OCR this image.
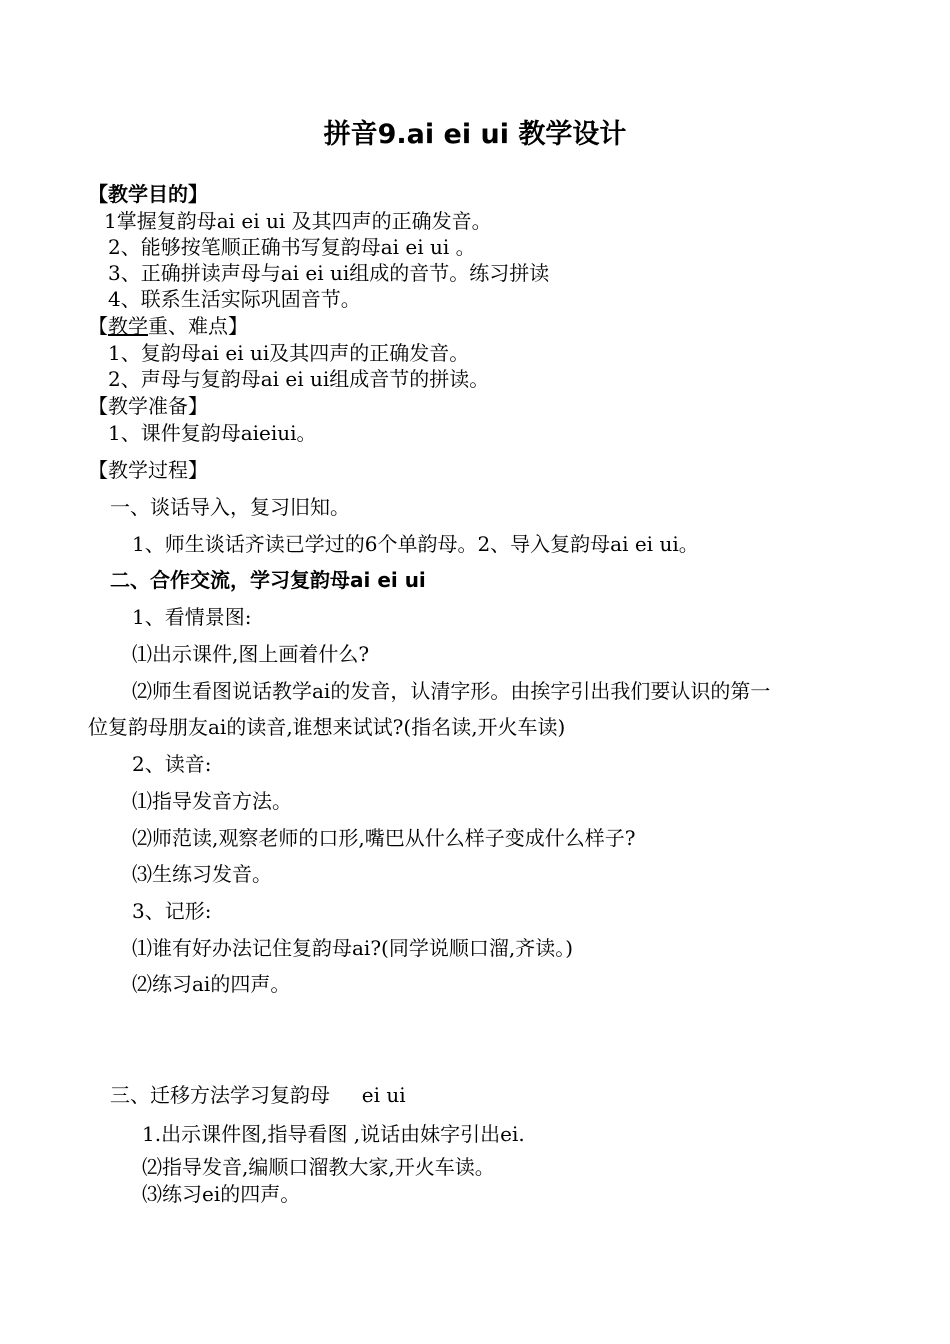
拼音9.ai ei ui 教学设计
【教学目的】
1掌握复韵母ai ei ui 及其四声的正确发音。
2、能够按笔顺正确书写复韵母ai ei ui 。
3、正确拼读声母与ai ei ui组成的音节。练习拼读
4、联系生活实际巩固音节。
【教学重、难点】
1、复韵母ai ei ui及其四声的正确发音。
2、声母与复韵母ai ei ui组成音节的拼读。
【教学准备】
1、课件复韵母aieiui。
【教学过程】
一、谈话导入，复习旧知。
1、师生谈话齐读已学过的6个单韵母。2、导入复韵母ai ei ui。
二、合作交流，学习复韵母ai ei ui
1、看情景图:
⑴出示课件,图上画着什么?
⑵师生看图说话教学ai的发音，认清字形。由挨字引出我们要认识的第一
位复韵母朋友ai的读音,谁想来试试?(指名读,开火车读)
2、读音:
⑴指导发音方法。
⑵师范读,观察老师的口形,嘴巴从什么样子变成什么样子?
⑶生练习发音。
3、记形:
⑴谁有好办法记住复韵母ai?(同学说顺口溜,齐读。)
⑵练习ai的四声。
三、迁移方法学习复韵母     ei ui
1.出示课件图,指导看图 ,说话由妹字引出ei.
⑵指导发音,编顺口溜教大家,开火车读。
⑶练习ei的四声。
